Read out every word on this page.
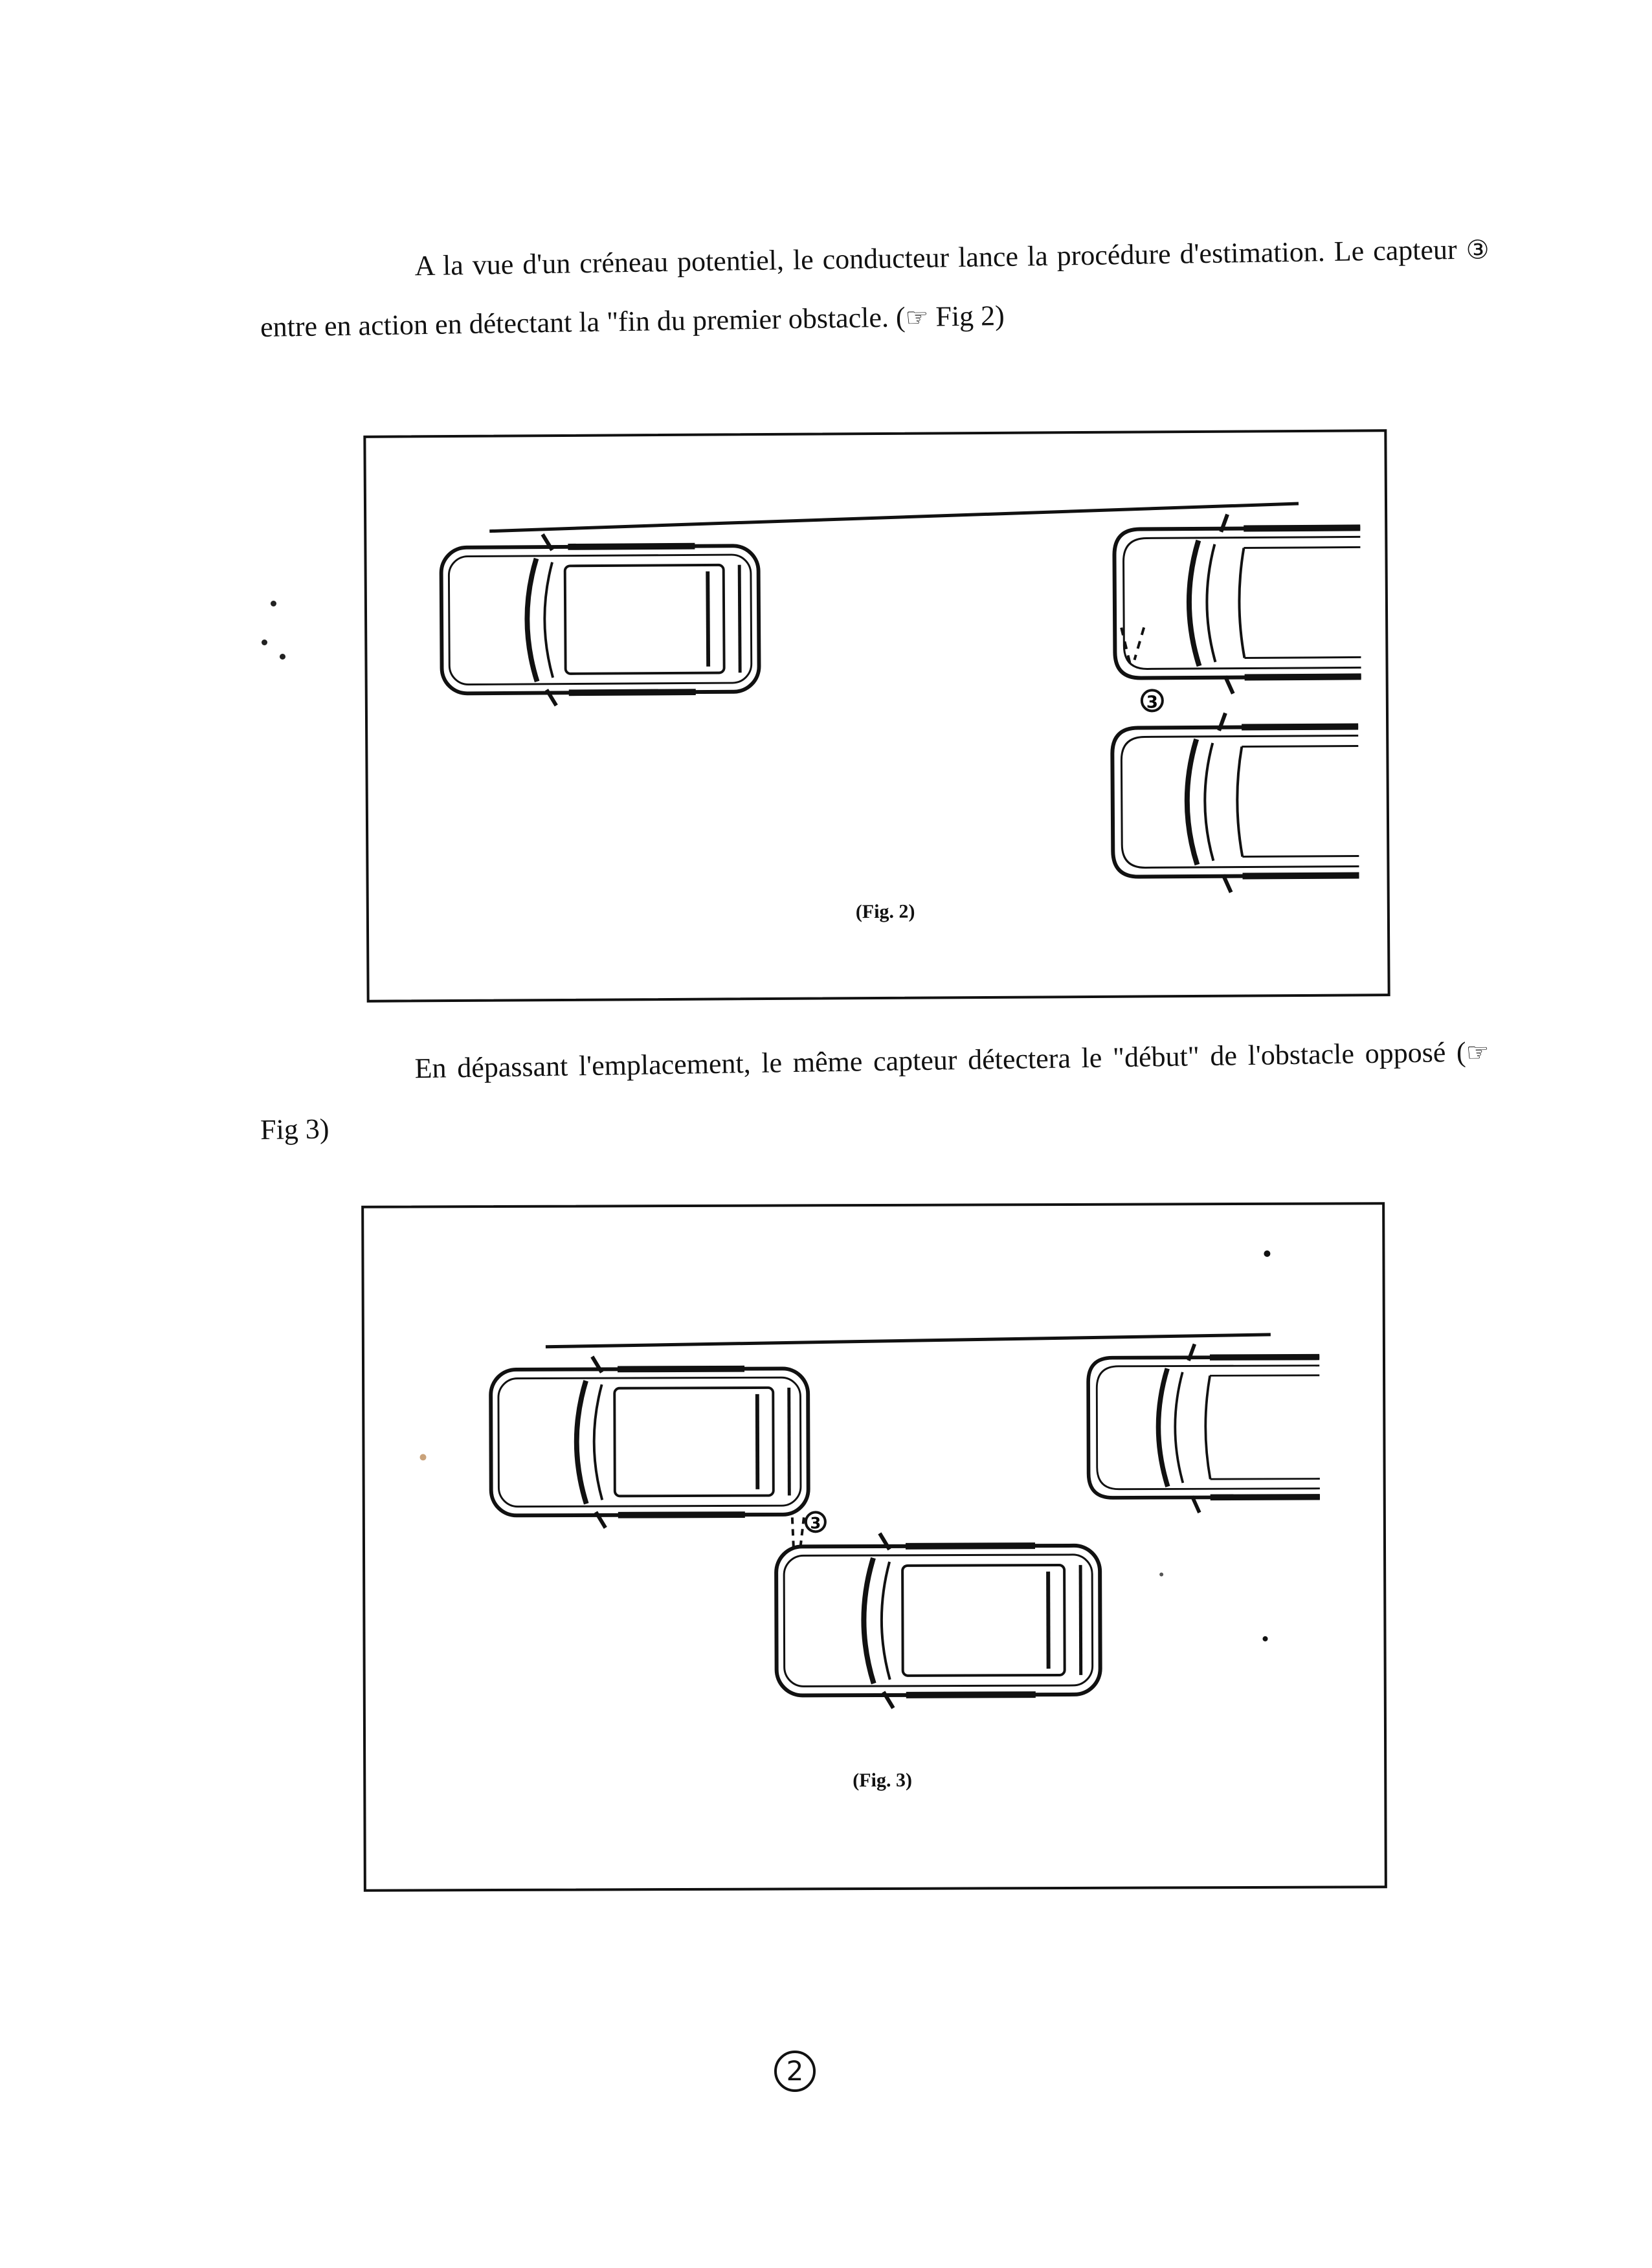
A la vue d'un créneau potentiel, le conducteur lance la procédure d'estimation. Le capteur ③ entre en action en détectant la "fin du premier obstacle. (☞ Fig 2)

3
(Fig. 2)

En dépassant l'emplacement, le même capteur détectera le "début" de l'obstacle opposé (☞ Fig 3)

3
(Fig. 3)
2
